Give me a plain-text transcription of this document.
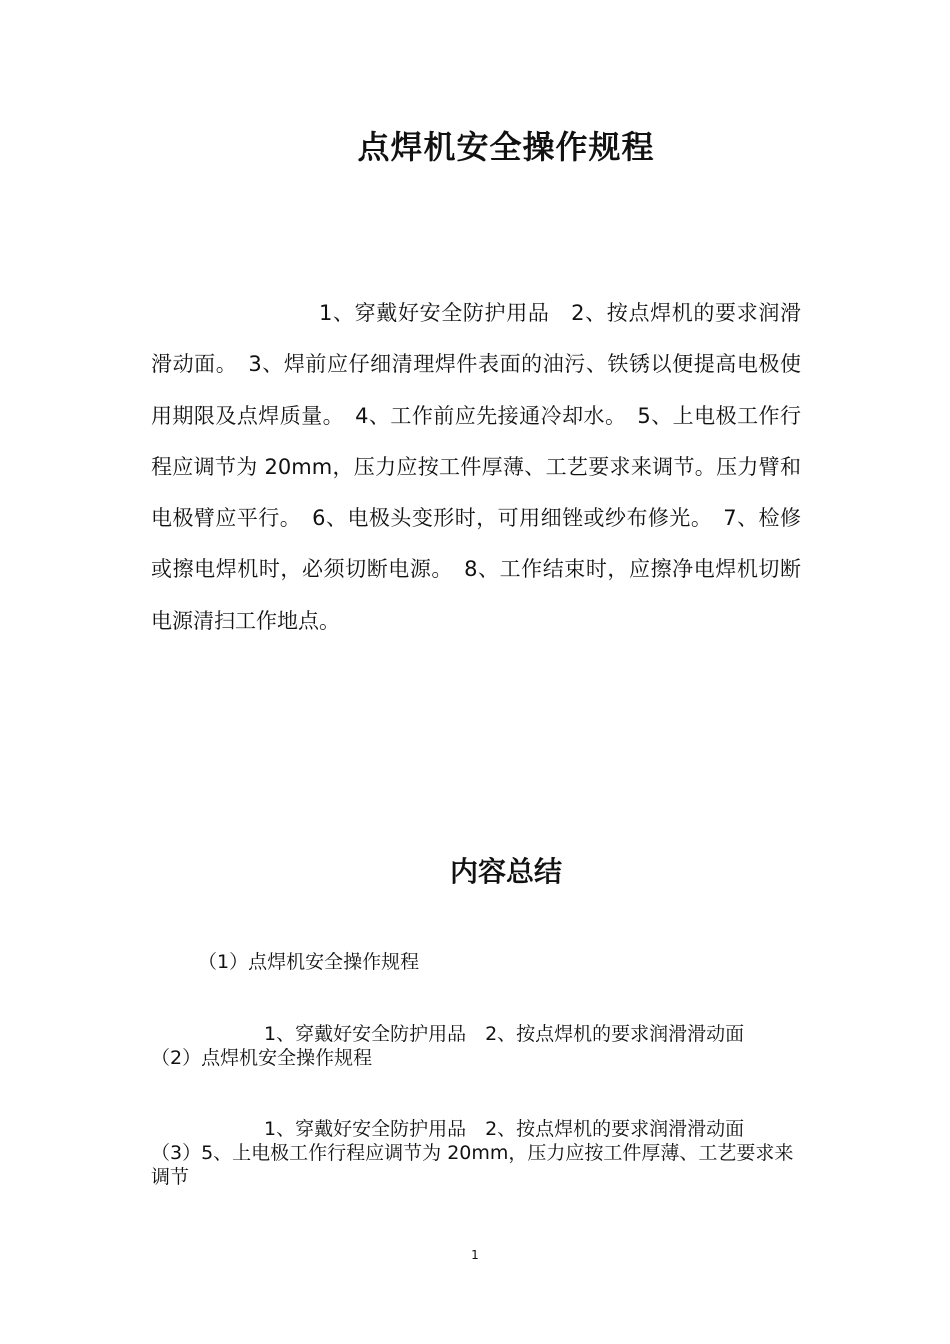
点焊机安全操作规程

1、穿戴好安全防护用品　2、按点焊机的要求润滑滑动面。　3、焊前应仔细清理焊件表面的油污、铁锈以便提高电极使用期限及点焊质量。　4、工作前应先接通冷却水。　5、上电极工作行程应调节为 20mm，压力应按工件厚薄、工艺要求来调节。压力臂和电极臂应平行。　6、电极头变形时，可用细锉或纱布修光。　7、检修或擦电焊机时，必须切断电源。　8、工作结束时，应擦净电焊机切断电源清扫工作地点。

内容总结

（1）点焊机安全操作规程

1、穿戴好安全防护用品　2、按点焊机的要求润滑滑动面

（2）点焊机安全操作规程

1、穿戴好安全防护用品　2、按点焊机的要求润滑滑动面

（3）5、上电极工作行程应调节为 20mm，压力应按工件厚薄、工艺要求来调节

1
